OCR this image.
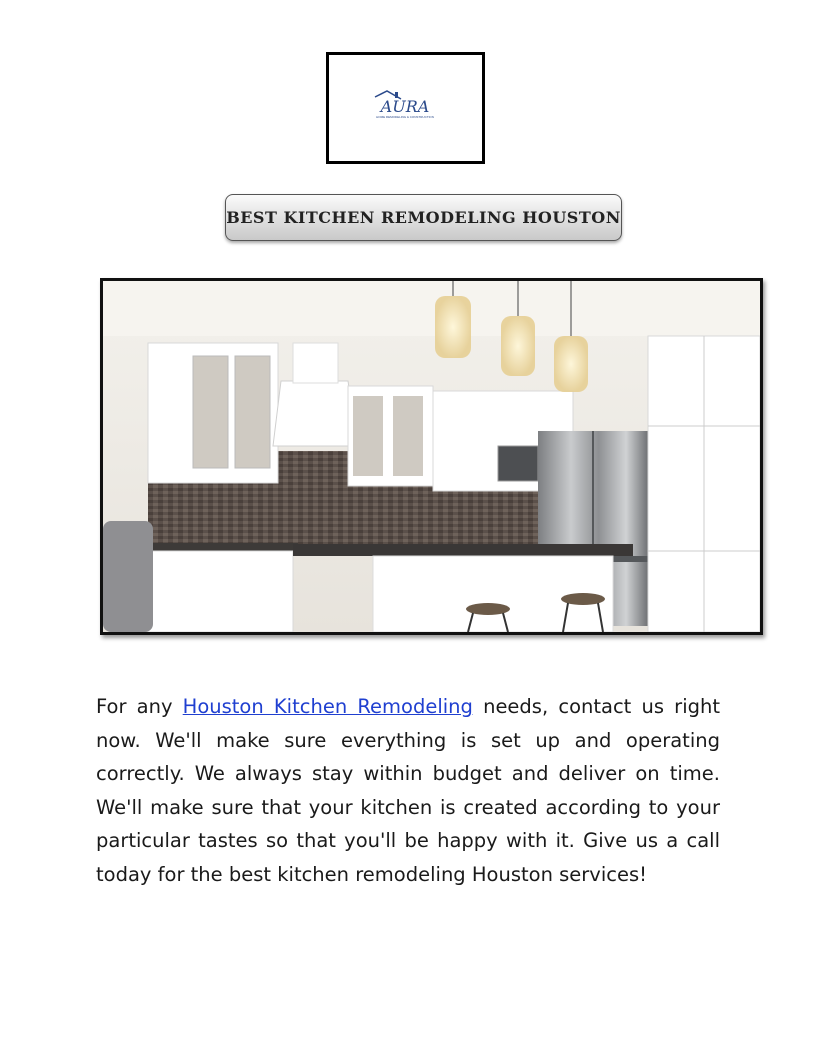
AURA
HOME REMODELING & CONSTRUCTION
BEST KITCHEN REMODELING HOUSTON

For any Houston Kitchen Remodeling needs, contact us right now. We'll make sure everything is set up and operating correctly. We always stay within budget and deliver on time. We'll make sure that your kitchen is created according to your particular tastes so that you'll be happy with it. Give us a call today for the best kitchen remodeling Houston services!
